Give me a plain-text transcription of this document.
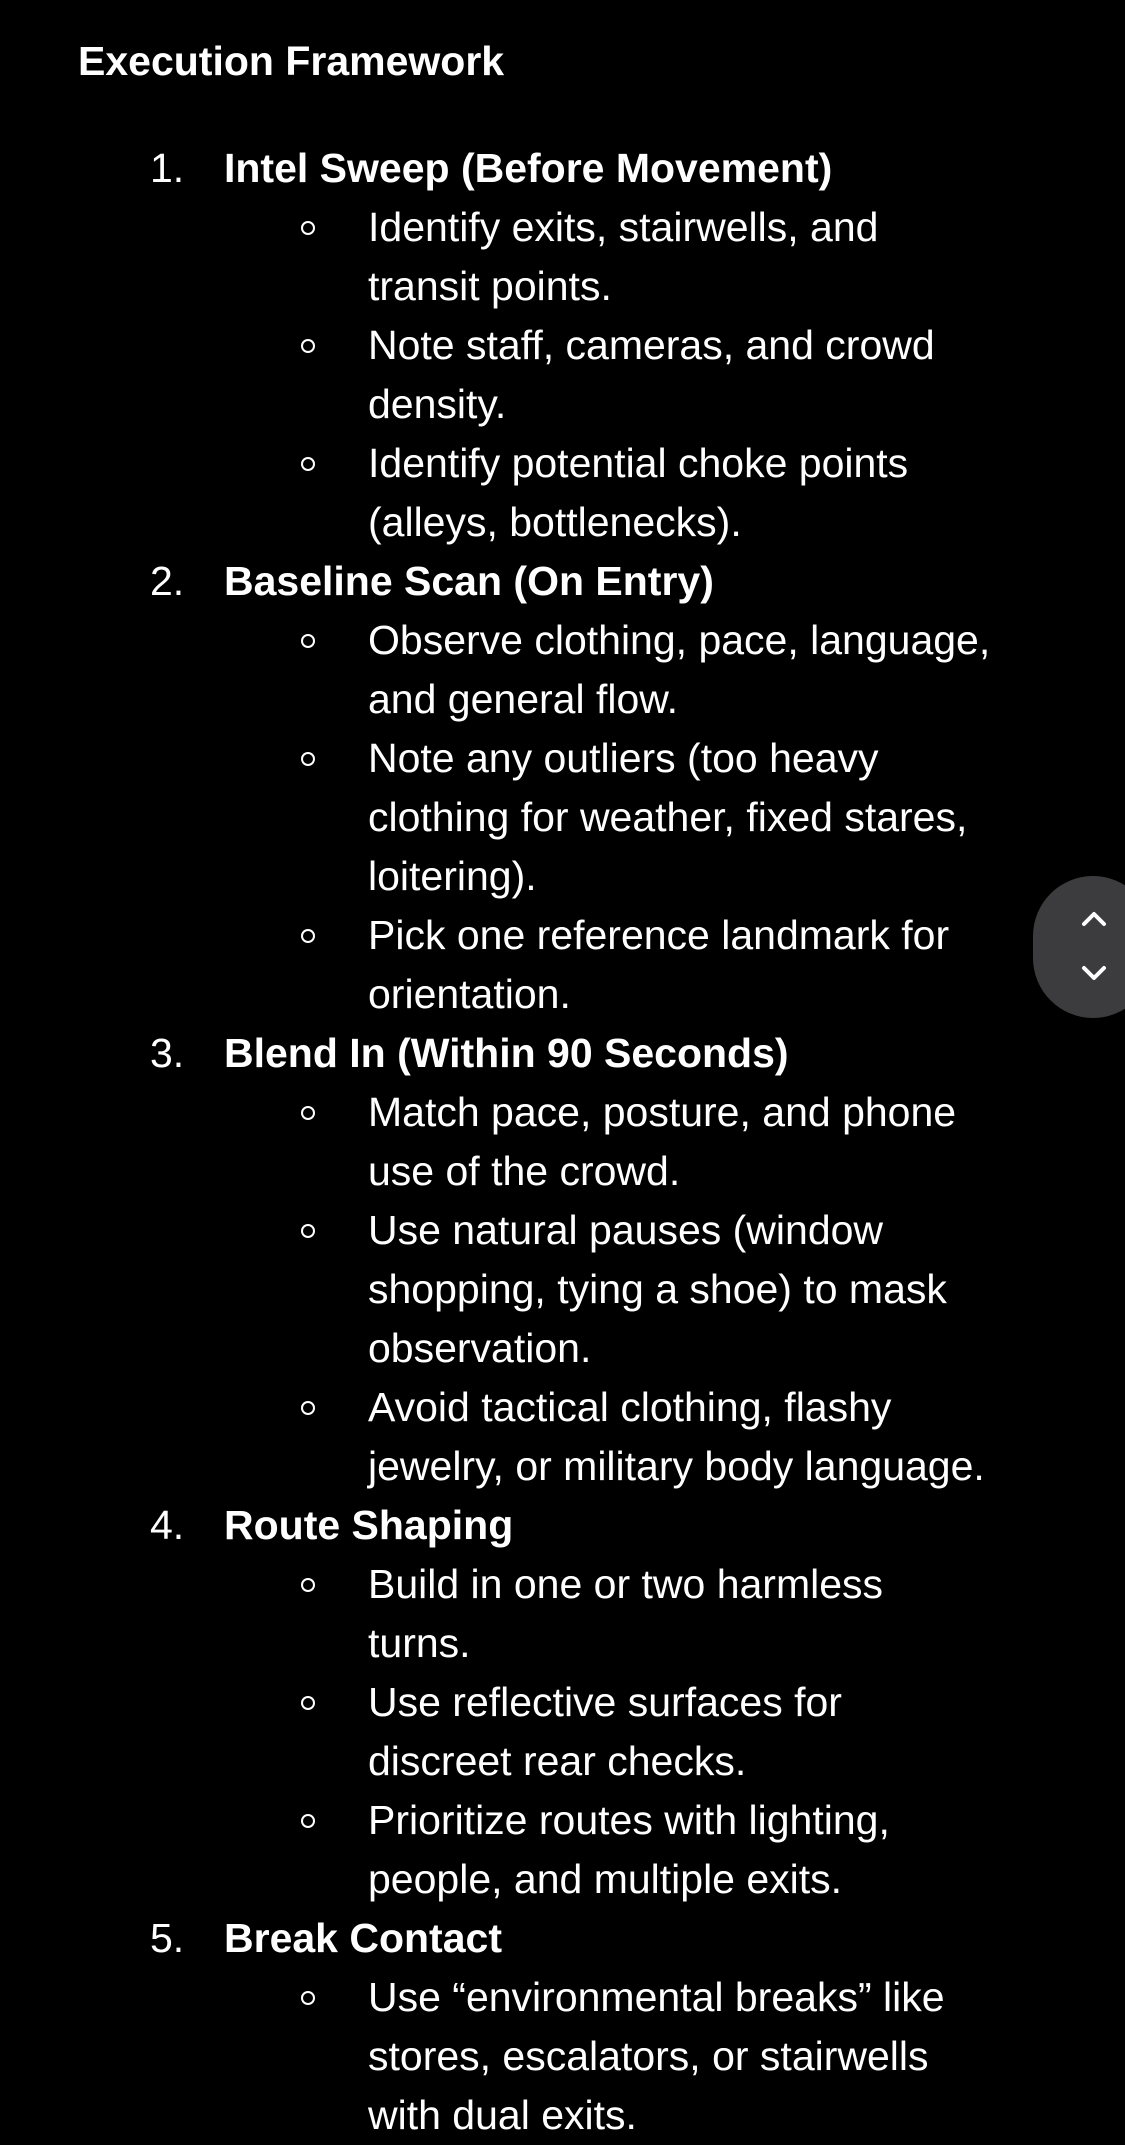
Execution Framework
1. Intel Sweep (Before Movement)
Identify exits, stairwells, and
transit points.
Note staff, cameras, and crowd
density.
Identify potential choke points
(alleys, bottlenecks).
2. Baseline Scan (On Entry)
Observe clothing, pace, language,
and general flow.
Note any outliers (too heavy
clothing for weather, fixed stares,
loitering).
Pick one reference landmark for
orientation.
3. Blend In (Within 90 Seconds)
Match pace, posture, and phone
use of the crowd.
Use natural pauses (window
shopping, tying a shoe) to mask
observation.
Avoid tactical clothing, flashy
jewelry, or military body language.
4. Route Shaping
Build in one or two harmless
turns.
Use reflective surfaces for
discreet rear checks.
Prioritize routes with lighting,
people, and multiple exits.
5. Break Contact
Use “environmental breaks” like
stores, escalators, or stairwells
with dual exits.
